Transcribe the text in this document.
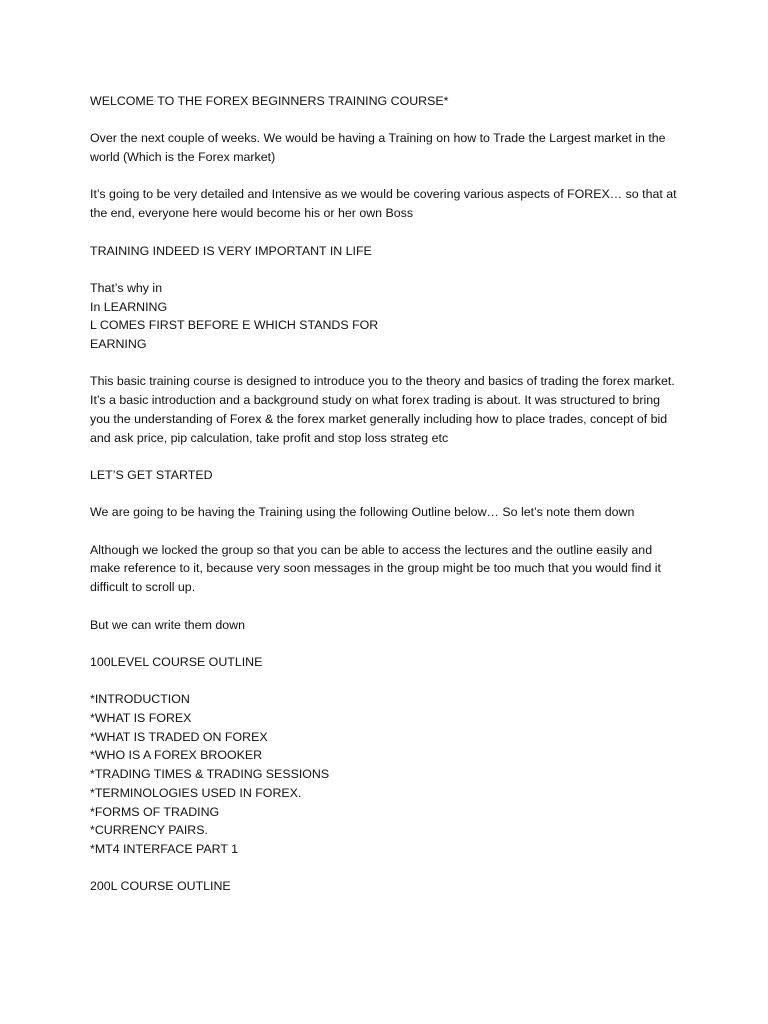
WELCOME TO THE FOREX BEGINNERS TRAINING COURSE*

Over the next couple of weeks. We would be having a Training on how to Trade the Largest market in the world (Which is the Forex market)

It’s going to be very detailed and Intensive as we would be covering various aspects of FOREX… so that at the end, everyone here would become his or her own Boss

TRAINING INDEED IS VERY IMPORTANT IN LIFE

That’s why in
In LEARNING
L COMES FIRST BEFORE E WHICH STANDS FOR
EARNING

This basic training course is designed to introduce you to the theory and basics of trading the forex market. It’s a basic introduction and a background study on what forex trading is about. It was structured to bring you the understanding of Forex & the forex market generally including how to place trades, concept of bid and ask price, pip calculation, take profit and stop loss strateg etc

LET’S GET STARTED

We are going to be having the Training using the following Outline below… So let’s note them down

Although we locked the group so that you can be able to access the lectures and the outline easily and make reference to it, because very soon messages in the group might be too much that you would find it difficult to scroll up.

But we can write them down

100LEVEL COURSE OUTLINE

*INTRODUCTION
*WHAT IS FOREX
*WHAT IS TRADED ON FOREX
*WHO IS A FOREX BROOKER
*TRADING TIMES & TRADING SESSIONS
*TERMINOLOGIES USED IN FOREX.
*FORMS OF TRADING
*CURRENCY PAIRS.
*MT4 INTERFACE PART 1

200L COURSE OUTLINE
